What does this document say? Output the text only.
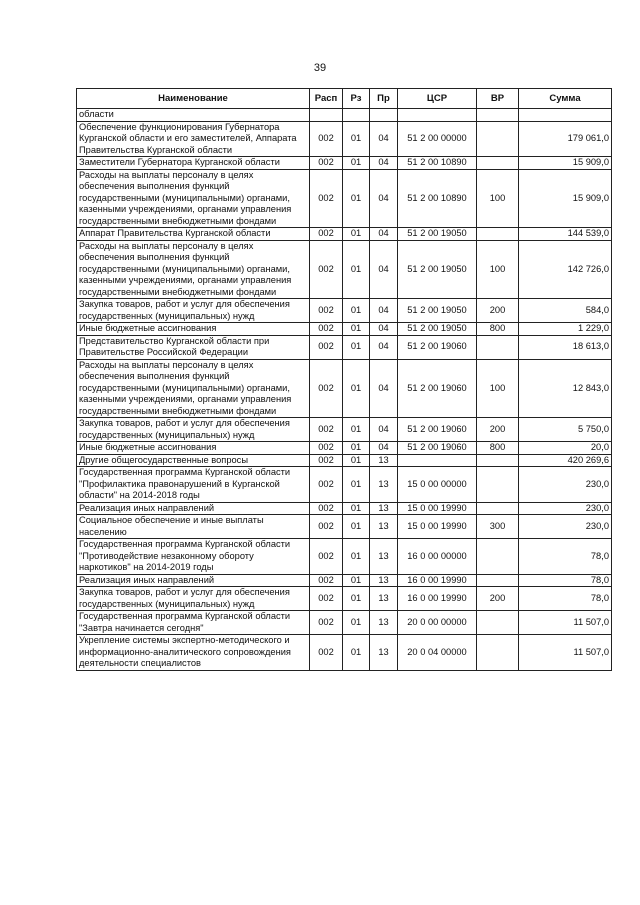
39
Наименование	Расп	Рз	Пр	ЦСР	ВР	Сумма
области						
Обеспечение функционирования Губернатора Курганской области и его заместителей, Аппарата Правительства Курганской области	002	01	04	51 2 00 00000		179 061,0
Заместители Губернатора Курганской области	002	01	04	51 2 00 10890		15 909,0
Расходы на выплаты персоналу в целях обеспечения выполнения функций государственными (муниципальными) органами, казенными учреждениями, органами управления государственными внебюджетными фондами	002	01	04	51 2 00 10890	100	15 909,0
Аппарат Правительства Курганской области	002	01	04	51 2 00 19050		144 539,0
Расходы на выплаты персоналу в целях обеспечения выполнения функций государственными (муниципальными) органами, казенными учреждениями, органами управления государственными внебюджетными фондами	002	01	04	51 2 00 19050	100	142 726,0
Закупка товаров, работ и услуг для обеспечения государственных (муниципальных) нужд	002	01	04	51 2 00 19050	200	584,0
Иные бюджетные ассигнования	002	01	04	51 2 00 19050	800	1 229,0
Представительство Курганской области при Правительстве Российской Федерации	002	01	04	51 2 00 19060		18 613,0
Расходы на выплаты персоналу в целях обеспечения выполнения функций государственными (муниципальными) органами, казенными учреждениями, органами управления государственными внебюджетными фондами	002	01	04	51 2 00 19060	100	12 843,0
Закупка товаров, работ и услуг для обеспечения государственных (муниципальных) нужд	002	01	04	51 2 00 19060	200	5 750,0
Иные бюджетные ассигнования	002	01	04	51 2 00 19060	800	20,0
Другие общегосударственные вопросы	002	01	13			420 269,6
Государственная программа Курганской области "Профилактика правонарушений в Курганской области" на 2014-2018 годы	002	01	13	15 0 00 00000		230,0
Реализация иных направлений	002	01	13	15 0 00 19990		230,0
Социальное обеспечение и иные выплаты населению	002	01	13	15 0 00 19990	300	230,0
Государственная программа Курганской области "Противодействие незаконному обороту наркотиков" на 2014-2019 годы	002	01	13	16 0 00 00000		78,0
Реализация иных направлений	002	01	13	16 0 00 19990		78,0
Закупка товаров, работ и услуг для обеспечения государственных (муниципальных) нужд	002	01	13	16 0 00 19990	200	78,0
Государственная программа Курганской области "Завтра начинается сегодня"	002	01	13	20 0 00 00000		11 507,0
Укрепление системы экспертно-методического и информационно-аналитического сопровождения деятельности специалистов	002	01	13	20 0 04 00000		11 507,0
